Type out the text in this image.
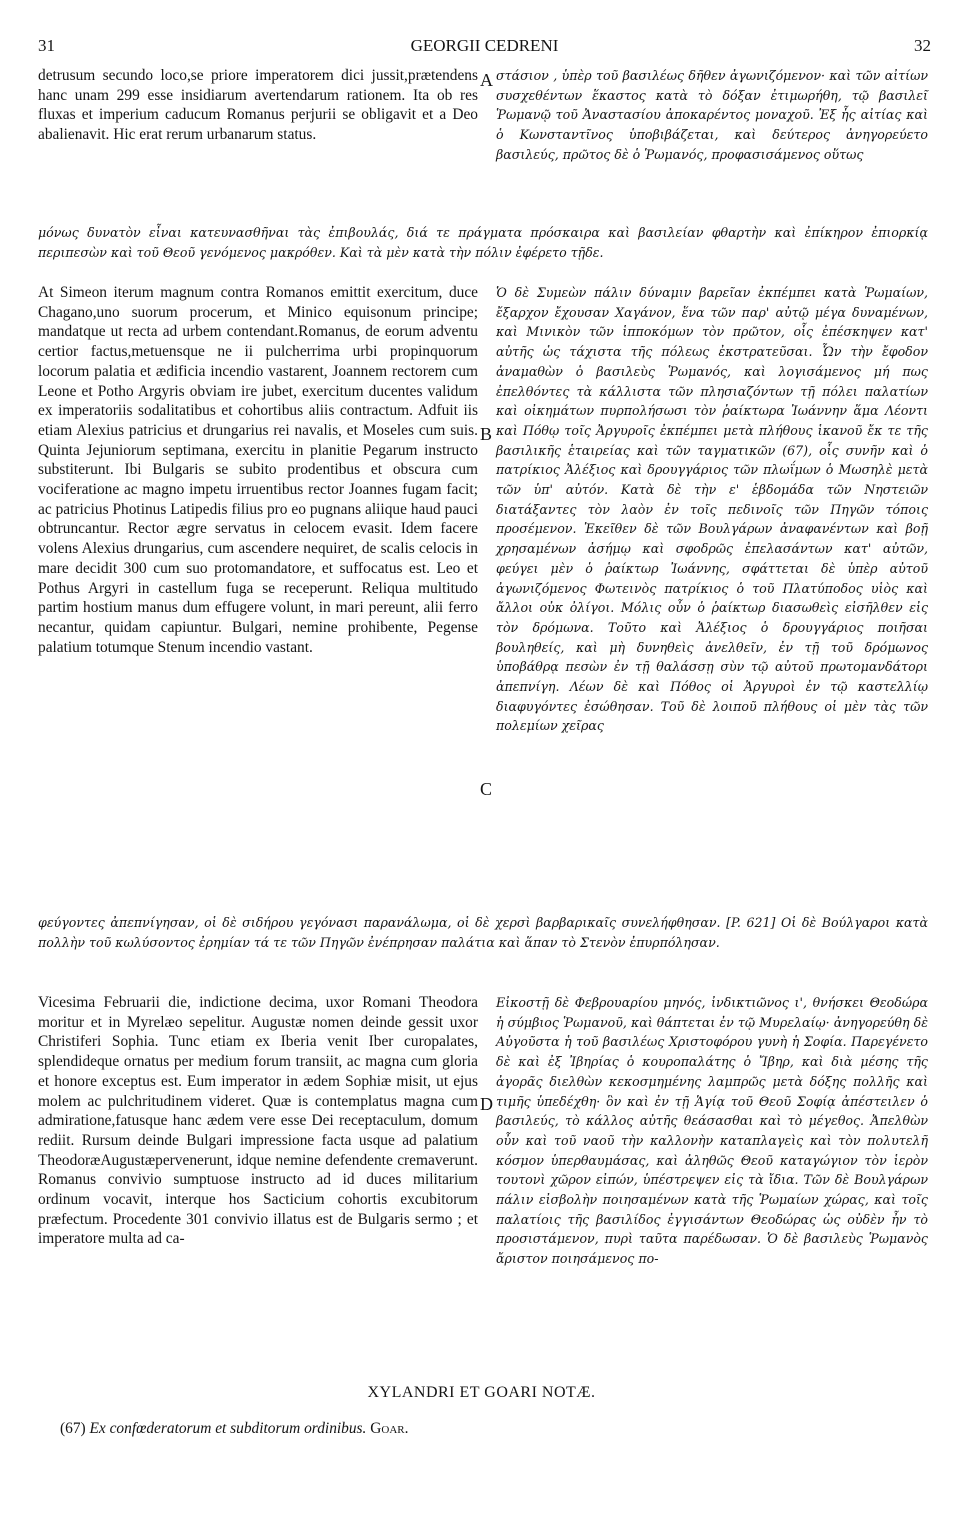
31	GEORGII CEDRENI	32

detrusum secundo loco,se priore imperatorem dici jussit,prætendens hanc unam 299 esse insidiarum avertendarum rationem. Ita ob res fluxas et imperium caducum Romanus perjurii se obligavit et a Deo abalienavit. Hic erat rerum urbanarum status.

A στάσιον , ὑπὲρ τοῦ βασιλέως δῆθεν ἀγωνιζόμενον· καὶ τῶν αἰτίων συσχεθέντων ἕκαστος κατὰ τὸ δόξαν ἐτιμωρήθη, τῷ βασιλεῖ Ῥωμανῷ τοῦ Ἀναστασίου ἀποκαρέντος μοναχοῦ. Ἐξ ἧς αἰτίας καὶ ὁ Κωνσταντῖνος ὑποβιβάζεται, καὶ δεύτερος ἀνηγορεύετο βασιλεύς, πρῶτος δὲ ὁ Ῥωμανός, προφασισάμενος οὕτως

μόνως δυνατὸν εἶναι κατευνασθῆναι τὰς ἐπιβουλάς, διά τε πράγματα πρόσκαιρα καὶ βασιλείαν φθαρτὴν καὶ ἐπίκηρον ἐπιορκίᾳ περιπεσὼν καὶ τοῦ Θεοῦ γενόμενος μακρόθεν. Καὶ τὰ μὲν κατὰ τὴν πόλιν ἐφέρετο τῇδε.

At Simeon iterum magnum contra Romanos emittit exercitum, duce Chagano,uno suorum procerum, et Minico equisonum principe; mandatque ut recta ad urbem contendant.Romanus, de eorum adventu certior factus,metuensque ne ii pulcherrima urbi propinquorum locorum palatia et ædificia incendio vastarent, Joannem rectorem cum Leone et Potho Argyris obviam ire jubet, exercitum ducentes validum ex imperatoriis sodalitatibus et cohortibus aliis contractum. Adfuit iis etiam Alexius patricius et drungarius rei navalis, et Moseles cum suis. Quinta Jejuniorum septimana, exercitu in planitie Pegarum instructo substiterunt. Ibi Bulgaris se subito prodentibus et obscura cum vociferatione ac magno impetu irruentibus rector Joannes fugam facit; ac patricius Photinus Latipedis filius pro eo pugnans aliique haud pauci obtruncantur. Rector ægre servatus in celocem evasit. Idem facere volens Alexius drungarius, cum ascendere nequiret, de scalis celocis in mare decidit 300 cum suo protomandatore, et suffocatus est. Leo et Pothus Argyri in castellum fuga se receperunt. Reliqua multitudo partim hostium manus dum effugere volunt, in mari pereunt, alii ferro necantur, quidam capiuntur. Bulgari, nemine prohibente, Pegense palatium totumque Stenum incendio vastant.

B
C

Ὁ δὲ Συμεὼν πάλιν δύναμιν βαρεῖαν ἐκπέμπει κατὰ Ῥωμαίων, ἔξαρχον ἔχουσαν Χαγάνον, ἕνα τῶν παρ' αὐτῷ μέγα δυναμένων, καὶ Μινικὸν τῶν ἱπποκόμων τὸν πρῶτον, οἷς ἐπέσκηψεν κατ' αὐτῆς ὡς τάχιστα τῆς πόλεως ἐκστρατεῦσαι. Ὧν τὴν ἔφοδον ἀναμαθὼν ὁ βασιλεὺς Ῥωμανός, καὶ λογισάμενος μή πως ἐπελθόντες τὰ κάλλιστα τῶν πλησιαζόντων τῇ πόλει παλατίων καὶ οἰκημάτων πυρπολήσωσι τὸν ῥαίκτωρα Ἰωάννην ἅμα Λέοντι καὶ Πόθῳ τοῖς Ἀργυροῖς ἐκπέμπει μετὰ πλήθους ἱκανοῦ ἔκ τε τῆς βασιλικῆς ἑταιρείας καὶ τῶν ταγματικῶν (67), οἷς συνῆν καὶ ὁ πατρίκιος Ἀλέξιος καὶ δρουγγάριος τῶν πλωΐμων ὁ Μωσηλὲ μετὰ τῶν ὑπ' αὐτόν. Κατὰ δὲ τὴν ε' ἑβδομάδα τῶν Νηστειῶν διατάξαντες τὸν λαὸν ἐν τοῖς πεδινοῖς τῶν Πηγῶν τόποις προσέμενον. Ἐκεῖθεν δὲ τῶν Βουλγάρων ἀναφανέντων καὶ βοῇ χρησαμένων ἀσήμῳ καὶ σφοδρῶς ἐπελασάντων κατ' αὐτῶν, φεύγει μὲν ὁ ῥαίκτωρ Ἰωάννης, σφάττεται δὲ ὑπὲρ αὐτοῦ ἀγωνιζόμενος Φωτεινὸς πατρίκιος ὁ τοῦ Πλατύποδος υἱὸς καὶ ἄλλοι οὐκ ὀλίγοι. Μόλις οὖν ὁ ῥαίκτωρ διασωθεὶς εἰσῆλθεν εἰς τὸν δρόμωνα. Τοῦτο καὶ Ἀλέξιος ὁ δρουγγάριος ποιῆσαι βουληθείς, καὶ μὴ δυνηθεὶς ἀνελθεῖν, ἐν τῇ τοῦ δρόμωνος ὑποβάθρᾳ πεσὼν ἐν τῇ θαλάσσῃ σὺν τῷ αὐτοῦ πρωτομανδάτορι ἀπεπνίγη. Λέων δὲ καὶ Πόθος οἱ Ἀργυροὶ ἐν τῷ καστελλίῳ διαφυγόντες ἐσώθησαν. Τοῦ δὲ λοιποῦ πλήθους οἱ μὲν τὰς τῶν πολεμίων χεῖρας

φεύγοντες ἀπεπνίγησαν, οἱ δὲ σιδήρου γεγόνασι παρανάλωμα, οἱ δὲ χερσὶ βαρβαρικαῖς συνελήφθησαν. [P. 621] Οἱ δὲ Βούλγαροι κατὰ πολλὴν τοῦ κωλύσοντος ἐρημίαν τά τε τῶν Πηγῶν ἐνέπρησαν παλάτια καὶ ἅπαν τὸ Στενὸν ἐπυρπόλησαν.

Vicesima Februarii die, indictione decima, uxor Romani Theodora moritur et in Myrelæo sepelitur. Augustæ nomen deinde gessit uxor Christiferi Sophia. Tunc etiam ex Iberia venit Iber curopalates, splendideque ornatus per medium forum transiit, ac magna cum gloria et honore exceptus est. Eum imperator in ædem Sophiæ misit, ut ejus molem ac pulchritudinem videret. Quæ is contemplatus magna cum admiratione,fatusque hanc ædem vere esse Dei receptaculum, domum rediit. Rursum deinde Bulgari impressione facta usque ad palatium TheodoræAugustæpervenerunt, idque nemine defendente cremaverunt. Romanus convivio sumptuose instructo ad id duces militarium ordinum vocavit, interque hos Sacticium cohortis excubitorum præfectum. Procedente 301 convivio illatus est de Bulgaris sermo ; et imperatore multa ad ca-

D

Εἰκοστῇ δὲ Φεβρουαρίου μηνός, ἰνδικτιῶνος ι', θνήσκει Θεοδώρα ἡ σύμβιος Ῥωμανοῦ, καὶ θάπτεται ἐν τῷ Μυρελαίῳ· ἀνηγορεύθη δὲ Αὐγοῦστα ἡ τοῦ βασιλέως Χριστοφόρου γυνὴ ἡ Σοφία. Παρεγένετο δὲ καὶ ἐξ Ἰβηρίας ὁ κουροπαλάτης ὁ Ἴβηρ, καὶ διὰ μέσης τῆς ἀγορᾶς διελθὼν κεκοσμημένης λαμπρῶς μετὰ δόξης πολλῆς καὶ τιμῆς ὑπεδέχθη· ὃν καὶ ἐν τῇ Ἁγίᾳ τοῦ Θεοῦ Σοφίᾳ ἀπέστειλεν ὁ βασιλεύς, τὸ κάλλος αὐτῆς θεάσασθαι καὶ τὸ μέγεθος. Ἀπελθὼν οὖν καὶ τοῦ ναοῦ τὴν καλλονὴν καταπλαγεὶς καὶ τὸν πολυτελῆ κόσμον ὑπερθαυμάσας, καὶ ἀληθῶς Θεοῦ καταγώγιον τὸν ἱερὸν τουτονὶ χῶρον εἰπών, ὑπέστρεψεν εἰς τὰ ἴδια. Τῶν δὲ Βουλγάρων πάλιν εἰσβολὴν ποιησαμένων κατὰ τῆς Ῥωμαίων χώρας, καὶ τοῖς παλατίοις τῆς βασιλίδος ἐγγισάντων Θεοδώρας ὡς οὐδὲν ἦν τὸ προσιστάμενον, πυρὶ ταῦτα παρέδωσαν. Ὁ δὲ βασιλεὺς Ῥωμανὸς ἄριστον ποιησάμενος πο-

XYLANDRI ET GOARI NOTÆ.
(67) Ex confœderatorum et subditorum ordinibus. Goar.
